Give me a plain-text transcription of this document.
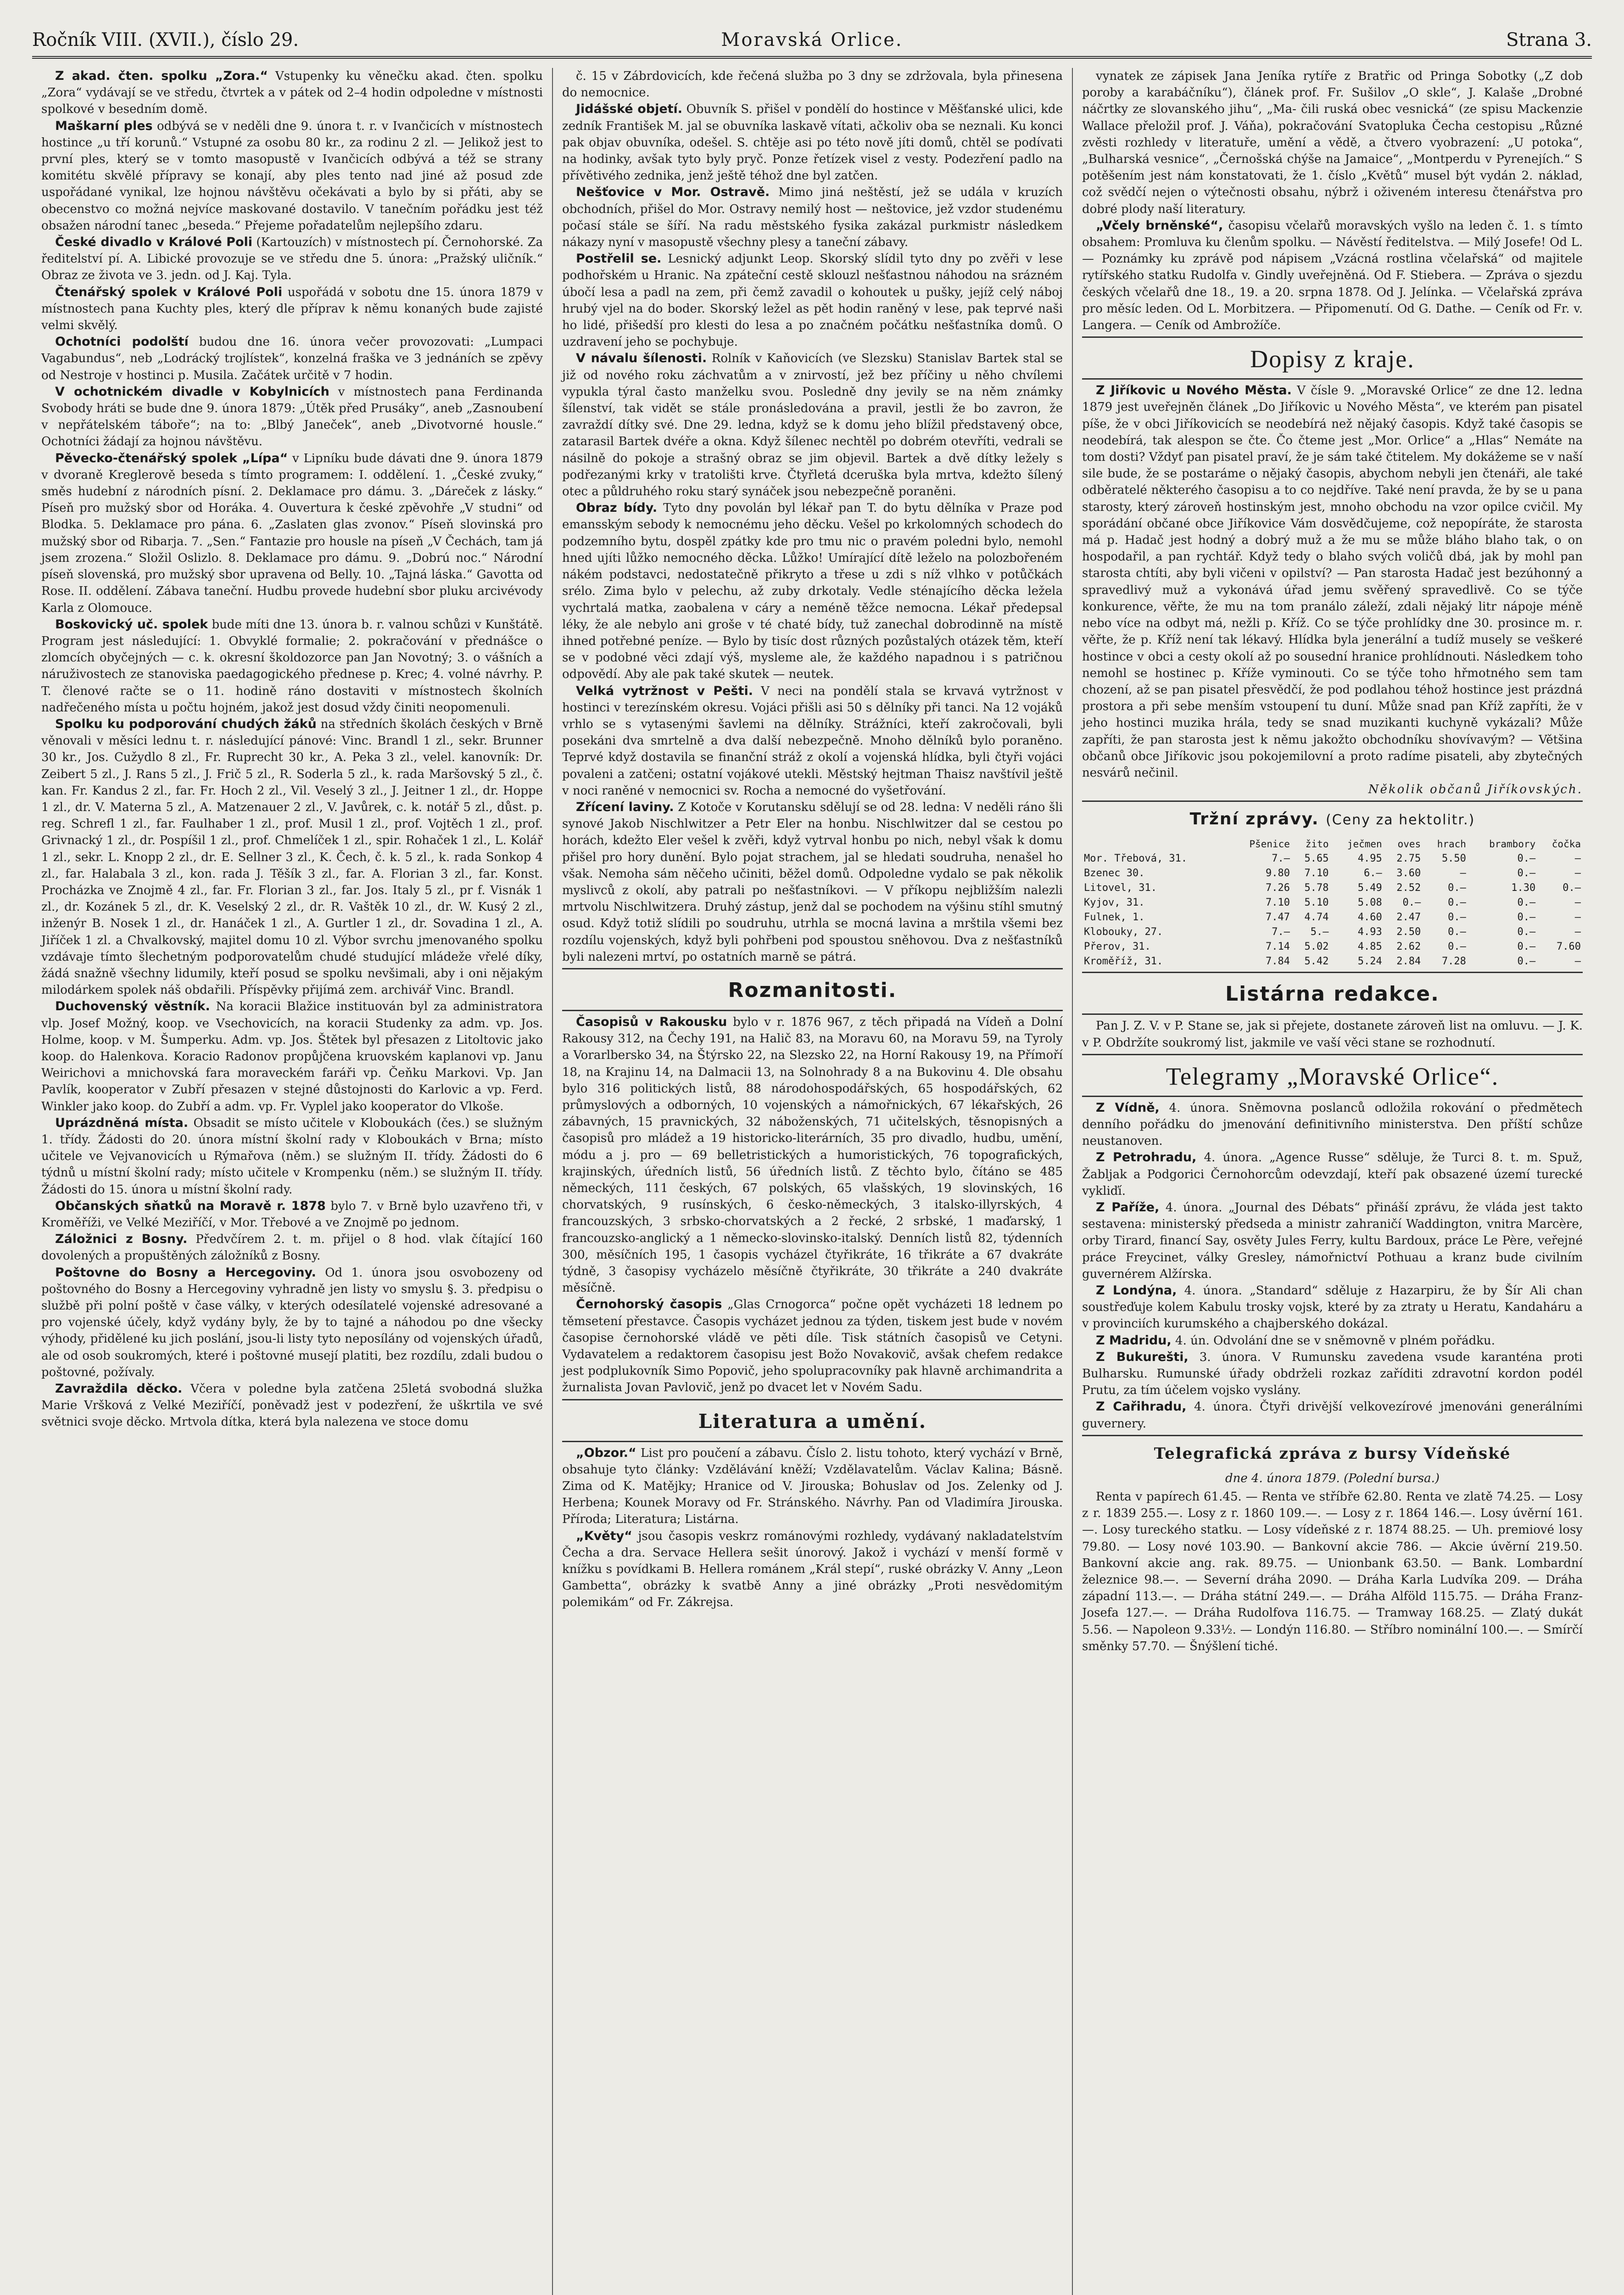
Ročník VIII. (XVII.), číslo 29.	Moravská Orlice.	Strana 3.

Z akad. čten. spolku „Zora.“ Vstupenky ku věnečku akad. čten. spolku „Zora“ vydávají se ve středu, čtvrtek a v pátek od 2–4 hodin odpoledne v místnosti spolkové v besedním domě.

Maškarní ples odbývá se v neděli dne 9. února t. r. v Ivančicích v místnostech hostince „u tří korunů.“ Vstupné za osobu 80 kr., za rodinu 2 zl. — Jelikož jest to první ples, který se v tomto masopustě v Ivančicích odbývá a též se strany komitétu skvělé přípravy se konají, aby ples tento nad jiné až posud zde uspořádané vynikal, lze hojnou návštěvu očekávati a bylo by si přáti, aby se obecenstvo co možná nejvíce maskované dostavilo. V tanečním pořádku jest též obsažen národní tanec „beseda.“ Přejeme pořadatelům nejlepšího zdaru.

České divadlo v Králové Poli (Kartouzích) v místnostech pí. Černohorské. Za ředitelství pí. A. Libické provozuje se ve středu dne 5. února: „Pražský uličník.“ Obraz ze života ve 3. jedn. od J. Kaj. Tyla.

Čtenářský spolek v Králové Poli uspořádá v sobotu dne 15. února 1879 v místnostech pana Kuchty ples, který dle příprav k němu konaných bude zajisté velmi skvělý.

Ochotníci podolští budou dne 16. února večer provozovati: „Lumpaci Vagabundus“, neb „Lodrácký trojlístek“, konzelná fraška ve 3 jednáních se zpěvy od Nestroje v hostinci p. Musila. Začátek určitě v 7 hodin.

V ochotnickém divadle v Kobylnicích v místnostech pana Ferdinanda Svobody hráti se bude dne 9. února 1879: „Útěk před Prusáky“, aneb „Zasnoubení v nepřátelském táboře“; na to: „Blbý Janeček“, aneb „Divotvorné housle.“ Ochotníci žádají za hojnou návštěvu.

Pěvecko-čtenářský spolek „Lípa“ v Lipníku bude dávati dne 9. února 1879 v dvoraně Kreglerově beseda s tímto programem: I. oddělení. 1. „České zvuky,“ směs hudební z národních písní. 2. Deklamace pro dámu. 3. „Dáreček z lásky.“ Píseň pro mužský sbor od Horáka. 4. Ouvertura k české zpěvohře „V studni“ od Blodka. 5. Deklamace pro pána. 6. „Zaslaten glas zvonov.“ Píseň slovinská pro mužský sbor od Ribarja. 7. „Sen.“ Fantazie pro housle na píseň „V Čechách, tam já jsem zrozena.“ Složil Oslizlo. 8. Deklamace pro dámu. 9. „Dobrú noc.“ Národní píseň slovenská, pro mužský sbor upravena od Belly. 10. „Tajná láska.“ Gavotta od Rose. II. oddělení. Zábava taneční. Hudbu provede hudební sbor pluku arcivévody Karla z Olomouce.

Boskovický uč. spolek bude míti dne 13. února b. r. valnou schůzi v Kunštátě. Program jest následující: 1. Obvyklé formalie; 2. pokračování v přednášce o zlomcích obyčejných — c. k. okresní školdozorce pan Jan Novotný; 3. o vášních a náruživostech ze stanoviska paedagogického přednese p. Krec; 4. volné návrhy. P. T. členové račte se o 11. hodině ráno dostaviti v místnostech školních nadřečeného místa u počtu hojném, jakož jest dosud vždy činiti neopomenuli.

Spolku ku podporování chudých žáků na středních školách českých v Brně věnovali v měsíci lednu t. r. následující pánové: Vinc. Brandl 1 zl., sekr. Brunner 30 kr., Jos. Cužydlo 8 zl., Fr. Ruprecht 30 kr., A. Peka 3 zl., velel. kanovník: Dr. Zeibert 5 zl., J. Rans 5 zl., J. Frič 5 zl., R. Soderla 5 zl., k. rada Maršovský 5 zl., č. kan. Fr. Kandus 2 zl., far. Fr. Hoch 2 zl., Vil. Veselý 3 zl., J. Jeitner 1 zl., dr. Hoppe 1 zl., dr. V. Materna 5 zl., A. Matzenauer 2 zl., V. Javůrek, c. k. notář 5 zl., důst. p. reg. Schrefl 1 zl., far. Faulhaber 1 zl., prof. Musil 1 zl., prof. Vojtěch 1 zl., prof. Grivnacký 1 zl., dr. Pospíšil 1 zl., prof. Chmelíček 1 zl., spir. Rohaček 1 zl., L. Kolář 1 zl., sekr. L. Knopp 2 zl., dr. E. Sellner 3 zl., K. Čech, č. k. 5 zl., k. rada Sonkop 4 zl., far. Halabala 3 zl., kon. rada J. Těšík 3 zl., far. A. Florian 3 zl., far. Konst. Procházka ve Znojmě 4 zl., far. Fr. Florian 3 zl., far. Jos. Italy 5 zl., pr f. Visnák 1 zl., dr. Kozánek 5 zl., dr. K. Veselský 2 zl., dr. R. Vaštěk 10 zl., dr. W. Kusý 2 zl., inženýr B. Nosek 1 zl., dr. Hanáček 1 zl., A. Gurtler 1 zl., dr. Sovadina 1 zl., A. Jiříček 1 zl. a Chvalkovský, majitel domu 10 zl. Výbor svrchu jmenovaného spolku vzdávaje tímto šlechetným podporovatelům chudé studující mládeže vřelé díky, žádá snažně všechny lidumily, kteří posud se spolku nevšimali, aby i oni nějakým milodárkem spolek náš obdařili. Příspěvky přijímá zem. archivář Vinc. Brandl.

Duchovenský věstník. Na koracii Blažice instituován byl za administratora vlp. Josef Možný, koop. ve Vsechovicích, na koracii Studenky za adm. vp. Jos. Holme, koop. v M. Šumperku. Adm. vp. Jos. Štětek byl přesazen z Litoltovic jako koop. do Halenkova. Koracio Radonov propůjčena kruovském kaplanovi vp. Janu Weirichovi a mnichovská fara moraveckém faráři vp. Čeňku Markovi. Vp. Jan Pavlík, kooperator v Zubří přesazen v stejné důstojnosti do Karlovic a vp. Ferd. Winkler jako koop. do Zubří a adm. vp. Fr. Vyplel jako kooperator do Vlkoše.

Uprázdněná místa. Obsadit se místo učitele v Kloboukách (čes.) se služným 1. třídy. Žádosti do 20. února místní školní rady v Kloboukách v Brna; místo učitele ve Vejvanovicích u Rýmařova (něm.) se služným II. třídy. Žádosti do 6 týdnů u místní školní rady; místo učitele v Krompenku (něm.) se služným II. třídy. Žádosti do 15. února u místní školní rady.

Občanských sňatků na Moravě r. 1878 bylo 7. v Brně bylo uzavřeno tři, v Kroměříži, ve Velké Meziříčí, v Mor. Třebové a ve Znojmě po jednom.

Záložnici z Bosny. Předvčírem 2. t. m. přijel o 8 hod. vlak čítající 160 dovolených a propuštěných záložníků z Bosny.

Poštovne do Bosny a Hercegoviny. Od 1. února jsou osvobozeny od poštovného do Bosny a Hercegoviny vyhradně jen listy vo smyslu §. 3. předpisu o službě při polní poště v čase války, v kterých odesílatelé vojenské adresované a pro vojenské účely, když vydány byly, že by to tajné a náhodou po dne všecky výhody, přidělené ku jich poslání, jsou-li listy tyto neposílány od vojenských úřadů, ale od osob soukromých, které i poštovné musejí platiti, bez rozdílu, zdali budou o poštovné, požívaly.

Zavraždila děcko. Včera v poledne byla zatčena 25letá svobodná služka Marie Vršková z Velké Meziříčí, poněvadž jest v podezření, že uškrtila ve své světnici svoje děcko. Mrtvola dítka, která byla nalezena ve stoce domu

č. 15 v Zábrdovicích, kde řečená služba po 3 dny se zdržovala, byla přinesena do nemocnice.

Jidášské objetí. Obuvník S. přišel v pondělí do hostince v Měšťanské ulici, kde zedník František M. jal se obuvníka laskavě vítati, ačkoliv oba se neznali. Ku konci pak objav obuvníka, odešel. S. chtěje asi po této nově jíti domů, chtěl se podívati na hodinky, avšak tyto byly pryč. Ponze řetízek visel z vesty. Podezření padlo na přívětivého zednika, jenž ještě téhož dne byl zatčen.

Nešťovice v Mor. Ostravě. Mimo jiná neštěstí, jež se udála v kruzích obchodních, přišel do Mor. Ostravy nemilý host — neštovice, jež vzdor studenému počasí stále se šíří. Na radu městského fysika zakázal purkmistr následkem nákazy nyní v masopustě všechny plesy a taneční zábavy.

Postřelil se. Lesnický adjunkt Leop. Skorský slídil tyto dny po zvěři v lese podhořském u Hranic. Na zpáteční cestě sklouzl nešťastnou náhodou na srázném úbočí lesa a padl na zem, při čemž zavadil o kohoutek u pušky, jejíž celý náboj hrubý vjel na do boder. Skorský ležel as pět hodin raněný v lese, pak teprvé naši ho lidé, přišedší pro klesti do lesa a po značném počátku nešťastníka domů. O uzdravení jeho se pochybuje.

V návalu šílenosti. Rolník v Kaňovicích (ve Slezsku) Stanislav Bartek stal se již od nového roku záchvatům a v znirvostí, jež bez příčiny u něho chvílemi vypukla týral často manželku svou. Posledně dny jevily se na něm známky šílenství, tak vidět se stále pronásledována a pravil, jestli že bo zavron, že zavraždí dítky své. Dne 29. ledna, když se k domu jeho blížil představený obce, zatarasil Bartek dvéře a okna. Když šílenec nechtěl po dobrém otevříti, vedrali se násilně do pokoje a strašný obraz se jim objevil. Bartek a dvě dítky ležely s podřezanými krky v tratolišti krve. Čtyřletá dceruška byla mrtva, kdežto šílený otec a půldruhého roku starý synáček jsou nebezpečně poraněni.

Obraz bídy. Tyto dny povolán byl lékař pan T. do bytu dělníka v Praze pod emansským sebody k nemocnému jeho děcku. Vešel po krkolomných schodech do podzemního bytu, dospěl zpátky kde pro tmu nic o pravém poledni bylo, nemohl hned ujíti lůžko nemocného děcka. Lůžko! Umírající dítě leželo na polozbořeném nákém podstavci, nedostatečně přikryto a třese u zdi s níž vlhko v potůčkách srélo. Zima bylo v pelechu, až zuby drkotaly. Vedle sténajícího děcka ležela vychrtalá matka, zaobalena v cáry a neméně těžce nemocna. Lékař předepsal léky, že ale nebylo ani groše v té chaté bídy, tuž zanechal dobrodinně na místě ihned potřebné peníze. — Bylo by tisíc dost různých pozůstalých otázek těm, kteří se v podobné věci zdají výš, mysleme ale, že každého napadnou i s patričnou odpovědí. Aby ale pak také skutek — neutek.

Velká vytržnost v Pešti. V neci na pondělí stala se krvavá vytržnost v hostinci v terezínském okresu. Vojáci přišli asi 50 s dělníky při tanci. Na 12 vojáků vrhlo se s vytasenými šavlemi na dělníky. Strážníci, kteří zakročovali, byli posekáni dva smrtelně a dva další nebezpečně. Mnoho dělníků bylo poraněno. Teprvé když dostavila se finanční stráž z okolí a vojenská hlídka, byli čtyři vojáci povaleni a zatčeni; ostatní vojákové utekli. Městský hejtman Thaisz navštívil ještě v noci raněné v nemocnici sv. Rocha a nemocné do vyšetřování.

Zřícení laviny. Z Kotoče v Korutansku sdělují se od 28. ledna: V neděli ráno šli synové Jakob Nischlwitzer a Petr Eler na honbu. Nischlwitzer dal se cestou po horách, kdežto Eler vešel k zvěři, když vytrval honbu po nich, nebyl však k domu přišel pro hory dunění. Bylo pojat strachem, jal se hledati soudruha, nenašel ho však. Nemoha sám něčeho učiniti, běžel domů. Odpoledne vydalo se pak několik myslivců z okolí, aby patrali po nešťastníkovi. — V příkopu nejbližším nalezli mrtvolu Nischlwitzera. Druhý zástup, jenž dal se pochodem na výšinu stíhl smutný osud. Když totiž slídili po soudruhu, utrhla se mocná lavina a mrštila všemi bez rozdílu vojenských, když byli pohřbeni pod spoustou sněhovou. Dva z nešťastníků byli nalezeni mrtví, po ostatních marně se pátrá.

Rozmanitosti.

Časopisů v Rakousku bylo v r. 1876 967, z těch připadá na Vídeň a Dolní Rakousy 312, na Čechy 191, na Halič 83, na Moravu 60, na Moravu 59, na Tyroly a Vorarlbersko 34, na Štýrsko 22, na Slezsko 22, na Horní Rakousy 19, na Přímoří 18, na Krajinu 14, na Dalmacii 13, na Solnohrady 8 a na Bukovinu 4. Dle obsahu bylo 316 politických listů, 88 národohospodářských, 65 hospodářských, 62 průmyslových a odborných, 10 vojenských a námořnických, 67 lékařských, 26 zábavných, 15 pravnických, 32 náboženských, 71 učitelských, těsnopisných a časopisů pro mládež a 19 historicko-literárních, 35 pro divadlo, hudbu, umění, módu a j. pro — 69 belletristických a humoristických, 76 topografických, krajinských, úředních listů, 56 úředních listů. Z těchto bylo, čítáno se 485 německých, 111 českých, 67 polských, 65 vlašských, 19 slovinských, 16 chorvatských, 9 rusínských, 6 česko-německých, 3 italsko-illyrských, 4 francouzských, 3 srbsko-chorvatských a 2 řecké, 2 srbské, 1 maďarský, 1 francouzsko-anglický a 1 německo-slovinsko-italský. Denních listů 82, týdenních 300, měsíčních 195, 1 časopis vycházel čtyřikráte, 16 třikráte a 67 dvakráte týdně, 3 časopisy vycházelo měsíčně čtyřikráte, 30 třikráte a 240 dvakráte měsíčně.

Černohorský časopis „Glas Crnogorca“ počne opět vycházeti 18 lednem po těmsetení přestavce. Časopis vycházet jednou za týden, tiskem jest bude v novém časopise černohorské vládě ve pěti díle. Tisk státních časopisů ve Cetyni. Vydavatelem a redaktorem časopisu jest Božo Novakovič, avšak chefem redakce jest podplukovník Simo Popovič, jeho spolupracovníky pak hlavně archimandrita a žurnalista Jovan Pavlovič, jenž po dvacet let v Novém Sadu.

Literatura a umění.

„Obzor.“ List pro poučení a zábavu. Číslo 2. listu tohoto, který vychází v Brně, obsahuje tyto články: Vzdělávání kněží; Vzdělavatelům. Václav Kalina; Básně. Zima od K. Matějky; Hranice od V. Jirouska; Bohuslav od Jos. Zelenky od J. Herbena; Kounek Moravy od Fr. Stránského. Návrhy. Pan od Vladimíra Jirouska. Příroda; Literatura; Listárna.

„Květy“ jsou časopis veskrz románovými rozhledy, vydávaný nakladatelstvím Čecha a dra. Servace Hellera sešit únorový. Jakož i vychází v menší formě v knížku s povídkami B. Hellera románem „Král stepí“, ruské obrázky V. Anny „Leon Gambetta“, obrázky k svatbě Anny a jiné obrázky „Proti nesvědomitým polemikám“ od Fr. Zákrejsa.

vynatek ze zápisek Jana Jeníka rytíře z Bratřic od Pringa Sobotky („Z dob poroby a karabáčníku“), článek prof. Fr. Sušilov „O skle“, J. Kalaše „Drobné náčrtky ze slovanského jihu“, „Ma- čili ruská obec vesnická“ (ze spisu Mackenzie Wallace přeložil prof. J. Váňa), pokračování Svatopluka Čecha cestopisu „Různé zvěsti rozhledy v literatuře, umění a vědě, a čtvero vyobrazení: „U potoka“, „Bulharská vesnice“, „Černošská chýše na Jamaice“, „Montperdu v Pyrenejích.“ S potěšením jest nám konstatovati, že 1. číslo „Květů“ musel být vydán 2. náklad, což svědčí nejen o výtečnosti obsahu, nýbrž i oživeném interesu čtenářstva pro dobré plody naší literatury.

„Včely brněnské“, časopisu včelařů moravských vyšlo na leden č. 1. s tímto obsahem: Promluva ku členům spolku. — Návěstí ředitelstva. — Milý Josefe! Od L. — Poznámky ku zprávě pod nápisem „Vzácná rostlina včelařská“ od majitele rytířského statku Rudolfa v. Gindly uveřejněná. Od F. Stiebera. — Zpráva o sjezdu českých včelařů dne 18., 19. a 20. srpna 1878. Od J. Jelínka. — Včelařská zpráva pro měsíc leden. Od L. Morbitzera. — Připomenutí. Od G. Dathe. — Ceník od Fr. v. Langera. — Ceník od Ambrožíče.

Dopisy z kraje.

Z Jiříkovic u Nového Města. V čísle 9. „Moravské Orlice“ ze dne 12. ledna 1879 jest uveřejněn článek „Do Jiříkovic u Nového Města“, ve kterém pan pisatel píše, že v obci Jiříkovicích se neodebírá než nějaký časopis. Když také časopis se neodebírá, tak alespon se čte. Čo čteme jest „Mor. Orlice“ a „Hlas“ Nemáte na tom dosti? Vždyť pan pisatel praví, že je sám také čtitelem. My dokážeme se v naší sile bude, že se postaráme o nějaký časopis, abychom nebyli jen čtenáři, ale také odběratelé některého časopisu a to co nejdříve. Také není pravda, že by se u pana starosty, který zároveň hostinským jest, mnoho obchodu na vzor opilce cvičil. My sporádání občané obce Jiříkovice Vám dosvědčujeme, což nepopíráte, že starosta má p. Hadač jest hodný a dobrý muž a že mu se může bláho blaho tak, o on hospodařil, a pan rychtář. Když tedy o blaho svých voličů dbá, jak by mohl pan starosta chtíti, aby byli vičeni v opilství? — Pan starosta Hadač jest bezúhonný a spravedlivý muž a vykonává úřad jemu svěřený spravedlivě. Co se týče konkurence, věřte, že mu na tom pranálo záleží, zdali nějaký litr nápoje méně nebo více na odbyt má, nežli p. Kříž. Co se týče prohlídky dne 30. prosince m. r. věřte, že p. Kříž není tak lékavý. Hlídka byla jenerální a tudíž musely se veškeré hostince v obci a cesty okolí až po sousední hranice prohlídnouti. Následkem toho nemohl se hostinec p. Kříže vyminouti. Co se týče toho hřmotného sem tam chození, až se pan pisatel přesvědčí, že pod podlahou téhož hostince jest prázdná prostora a při sebe menším vstoupení tu duní. Může snad pan Kříž zapříti, že v jeho hostinci muzika hrála, tedy se snad muzikanti kuchyně vykázali? Může zapříti, že pan starosta jest k němu jakožto obchodníku shovívavým? — Většina občanů obce Jiříkovic jsou pokojemilovní a proto radíme pisateli, aby zbytečných nesvárů nečinil.

Několik občanů Jiříkovských.
Tržní zprávy. (Ceny za hektolitr.)
	Pšenice	žito	ječmen	oves	hrach	brambory	čočka
Mor. Třebová, 31.	7.—	5.65	4.95	2.75	5.50	0.—	—
Bzenec 30.	9.80	7.10	6.—	3.60	—	0.—	—
Litovel, 31.	7.26	5.78	5.49	2.52	0.—	1.30	0.—
Kyjov, 31.	7.10	5.10	5.08	0.—	0.—	0.—	—
Fulnek, 1.	7.47	4.74	4.60	2.47	0.—	0.—	—
Klobouky, 27.	7.—	5.—	4.93	2.50	0.—	0.—	—
Přerov, 31.	7.14	5.02	4.85	2.62	0.—	0.—	7.60
Kroměříž, 31.	7.84	5.42	5.24	2.84	7.28	0.—	—
Listárna redakce.

Pan J. Z. V. v P. Stane se, jak si přejete, dostanete zároveň list na omluvu. — J. K. v P. Obdržíte soukromý list, jakmile ve vaší věci stane se rozhodnutí.

Telegramy „Moravské Orlice“.

Z Vídně, 4. února. Sněmovna poslanců odložila rokování o předmětech denního pořádku do jmenování definitivního ministerstva. Den příští schůze neustanoven.

Z Petrohradu, 4. února. „Agence Russe“ sděluje, že Turci 8. t. m. Spuž, Žabljak a Podgorici Černohorcům odevzdají, kteří pak obsazené území turecké vykliďí.

Z Paříže, 4. února. „Journal des Débats“ přináší zprávu, že vláda jest takto sestavena: ministerský předseda a ministr zahraničí Waddington, vnitra Marcère, orby Tirard, financí Say, osvěty Jules Ferry, kultu Bardoux, práce Le Père, veřejné práce Freycinet, války Gresley, námořnictví Pothuau a kranz bude civilním guvernérem Alžírska.

Z Londýna, 4. února. „Standard“ sděluje z Hazarpiru, že by Šír Ali chan soustřeďuje kolem Kabulu trosky vojsk, které by za ztraty u Heratu, Kandaháru a v provinciích kurumského a chajberského dokázal.

Z Madridu, 4. ún. Odvolání dne se v sněmovně v plném pořádku.

Z Bukurešti, 3. února. V Rumunsku zavedena vsude karanténa proti Bulharsku. Rumunské úřady obdrželi rozkaz zaříditi zdravotní kordon podél Prutu, za tím účelem vojsko vyslány.

Z Cařihradu, 4. února. Čtyři drivější velkovezírové jmenováni generálními guvernery.

Telegrafická zpráva z bursy Vídeňské
dne 4. února 1879. (Polední bursa.)

Renta v papírech 61.45. — Renta ve stříbře 62.80. Renta ve zlatě 74.25. — Losy z r. 1839 255.—. Losy z r. 1860 109.—. — Losy z r. 1864 146.—. Losy úvěrní 161.—. Losy tureckého statku. — Losy vídeňské z r. 1874 88.25. — Uh. premiové losy 79.80. — Losy nové 103.90. — Bankovní akcie 786. — Akcie úvěrní 219.50. Bankovní akcie ang. rak. 89.75. — Unionbank 63.50. — Bank. Lombardní železnice 98.—. — Severní dráha 2090. — Dráha Karla Ludvíka 209. — Dráha západní 113.—. — Dráha státní 249.—. — Dráha Alföld 115.75. — Dráha Franz-Josefa 127.—. — Dráha Rudolfova 116.75. — Tramway 168.25. — Zlatý dukát 5.56. — Napoleon 9.33½. — Londýn 116.80. — Stříbro nominální 100.—. — Smírčí směnky 57.70. — Šnýšlení tiché.
